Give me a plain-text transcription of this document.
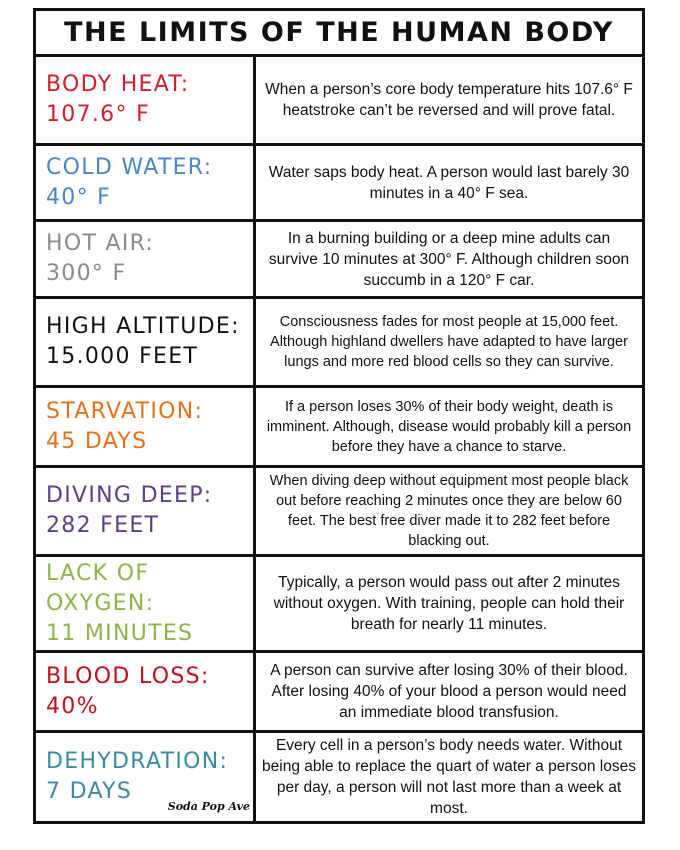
THE LIMITS OF THE HUMAN BODY
BODY HEAT:
107.6° F
When a person’s core body temperature hits 107.6° F heatstroke can’t be reversed and will prove fatal.
COLD WATER:
40° F
Water saps body heat. A person would last barely 30 minutes in a 40° F sea.
HOT AIR:
300° F
In a burning building or a deep mine adults can survive 10 minutes at 300° F. Although children soon succumb in a 120° F car.
HIGH ALTITUDE:
15.000 FEET
Consciousness fades for most people at 15,000 feet. Although highland dwellers have adapted to have larger lungs and more red blood cells so they can survive.
STARVATION:
45 DAYS
If a person loses 30% of their body weight, death is imminent. Although, disease would probably kill a person before they have a chance to starve.
DIVING DEEP:
282 FEET
When diving deep without equipment most people black out before reaching 2 minutes once they are below 60 feet. The best free diver made it to 282 feet before blacking out.
LACK OF
OXYGEN:
11 MINUTES
Typically, a person would pass out after 2 minutes without oxygen. With training, people can hold their breath for nearly 11 minutes.
BLOOD LOSS:
40%
A person can survive after losing 30% of their blood. After losing 40% of your blood a person would need an immediate blood transfusion.
DEHYDRATION:
7 DAYS
Every cell in a person’s body needs water. Without being able to replace the quart of water a person loses per day, a person will not last more than a week at most.
Soda Pop Ave
